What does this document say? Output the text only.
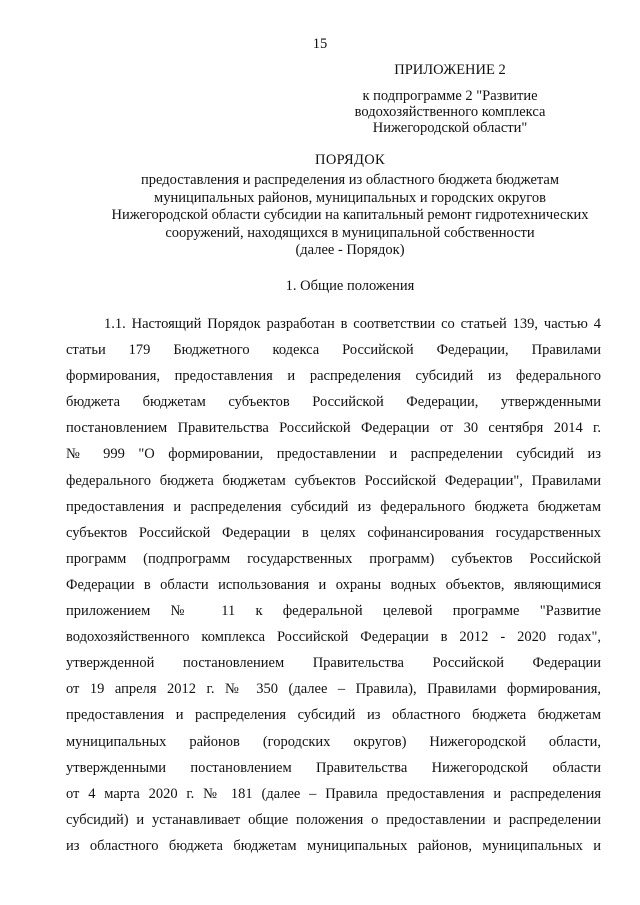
15
ПРИЛОЖЕНИЕ 2
к подпрограмме 2 "Развитие
водохозяйственного комплекса
Нижегородской области"
ПОРЯДОК
предоставления и распределения из областного бюджета бюджетам
муниципальных районов, муниципальных и городских округов
Нижегородской области субсидии на капитальный ремонт гидротехнических
сооружений, находящихся в муниципальной собственности
(далее - Порядок)
1. Общие положения
1.1. Настоящий Порядок разработан в соответствии со статьей 139, частью 4
статьи 179 Бюджетного кодекса Российской Федерации, Правилами
формирования, предоставления и распределения субсидий из федерального
бюджета бюджетам субъектов Российской Федерации, утвержденными
постановлением Правительства Российской Федерации от 30 сентября 2014 г.
№ 999 "О формировании, предоставлении и распределении субсидий из
федерального бюджета бюджетам субъектов Российской Федерации", Правилами
предоставления и распределения субсидий из федерального бюджета бюджетам
субъектов Российской Федерации в целях софинансирования государственных
программ (подпрограмм государственных программ) субъектов Российской
Федерации в области использования и охраны водных объектов, являющимися
приложением № 11 к федеральной целевой программе "Развитие
водохозяйственного комплекса Российской Федерации в 2012 - 2020 годах",
утвержденной постановлением Правительства Российской Федерации
от 19 апреля 2012 г. № 350 (далее – Правила), Правилами формирования,
предоставления и распределения субсидий из областного бюджета бюджетам
муниципальных районов (городских округов) Нижегородской области,
утвержденными постановлением Правительства Нижегородской области
от 4 марта 2020 г. № 181 (далее – Правила предоставления и распределения
субсидий) и устанавливает общие положения о предоставлении и распределении
из областного бюджета бюджетам муниципальных районов, муниципальных и
